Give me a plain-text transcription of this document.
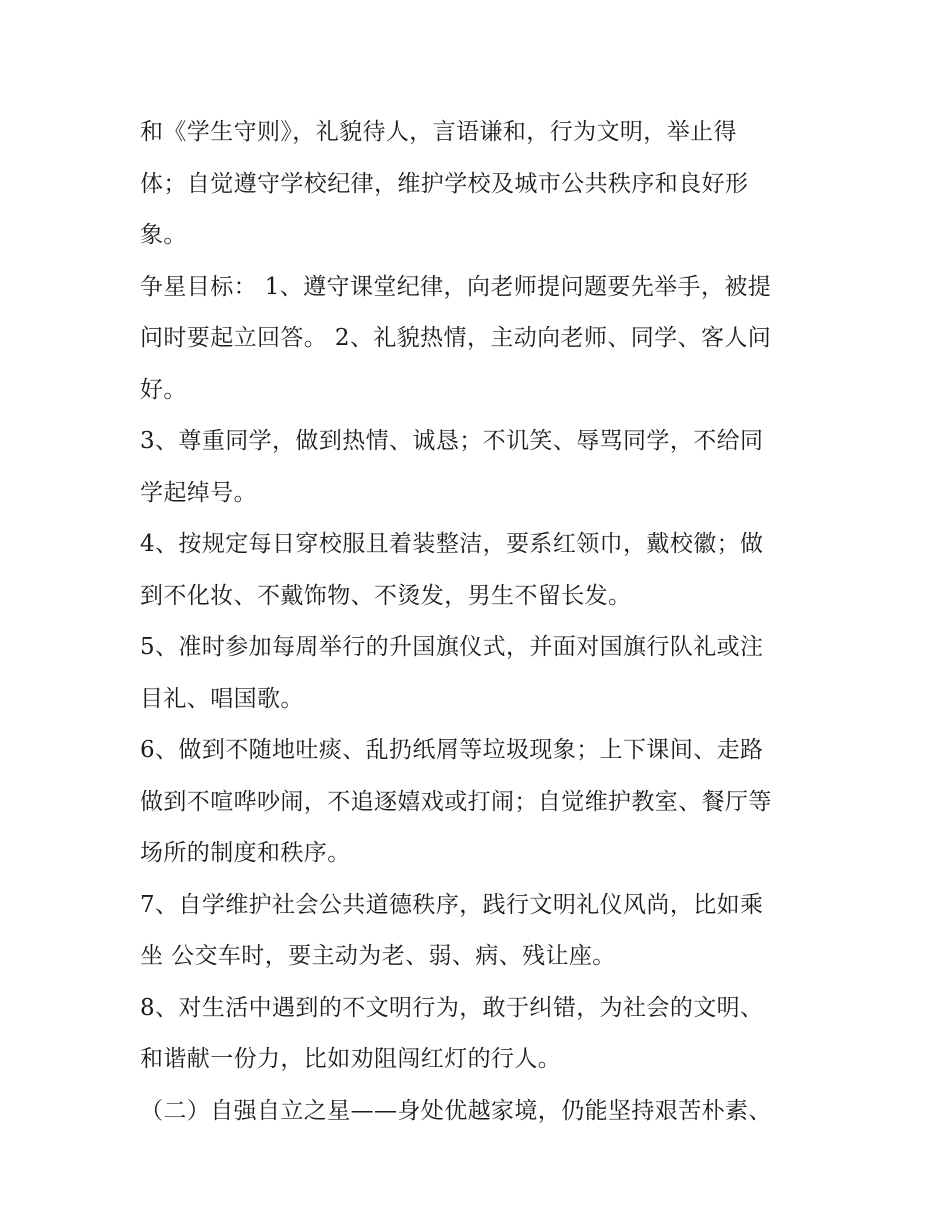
和《学生守则》，礼貌待人，言语谦和，行为文明，举止得
体；自觉遵守学校纪律，维护学校及城市公共秩序和良好形
象。
争星目标： 1、遵守课堂纪律，向老师提问题要先举手，被提
问时要起立回答。 2、礼貌热情，主动向老师、同学、客人问
好。
3、尊重同学，做到热情、诚恳；不讥笑、辱骂同学，不给同
学起绰号。
4、按规定每日穿校服且着装整洁，要系红领巾，戴校徽；做
到不化妆、不戴饰物、不烫发，男生不留长发。
5、准时参加每周举行的升国旗仪式，并面对国旗行队礼或注
目礼、唱国歌。
6、做到不随地吐痰、乱扔纸屑等垃圾现象；上下课间、走路
做到不喧哗吵闹，不追逐嬉戏或打闹；自觉维护教室、餐厅等
场所的制度和秩序。
7、自学维护社会公共道德秩序，践行文明礼仪风尚，比如乘
坐 公交车时，要主动为老、弱、病、残让座。
8、对生活中遇到的不文明行为，敢于纠错，为社会的文明、
和谐献一份力，比如劝阻闯红灯的行人。
（二）自强自立之星——身处优越家境，仍能坚持艰苦朴素、
